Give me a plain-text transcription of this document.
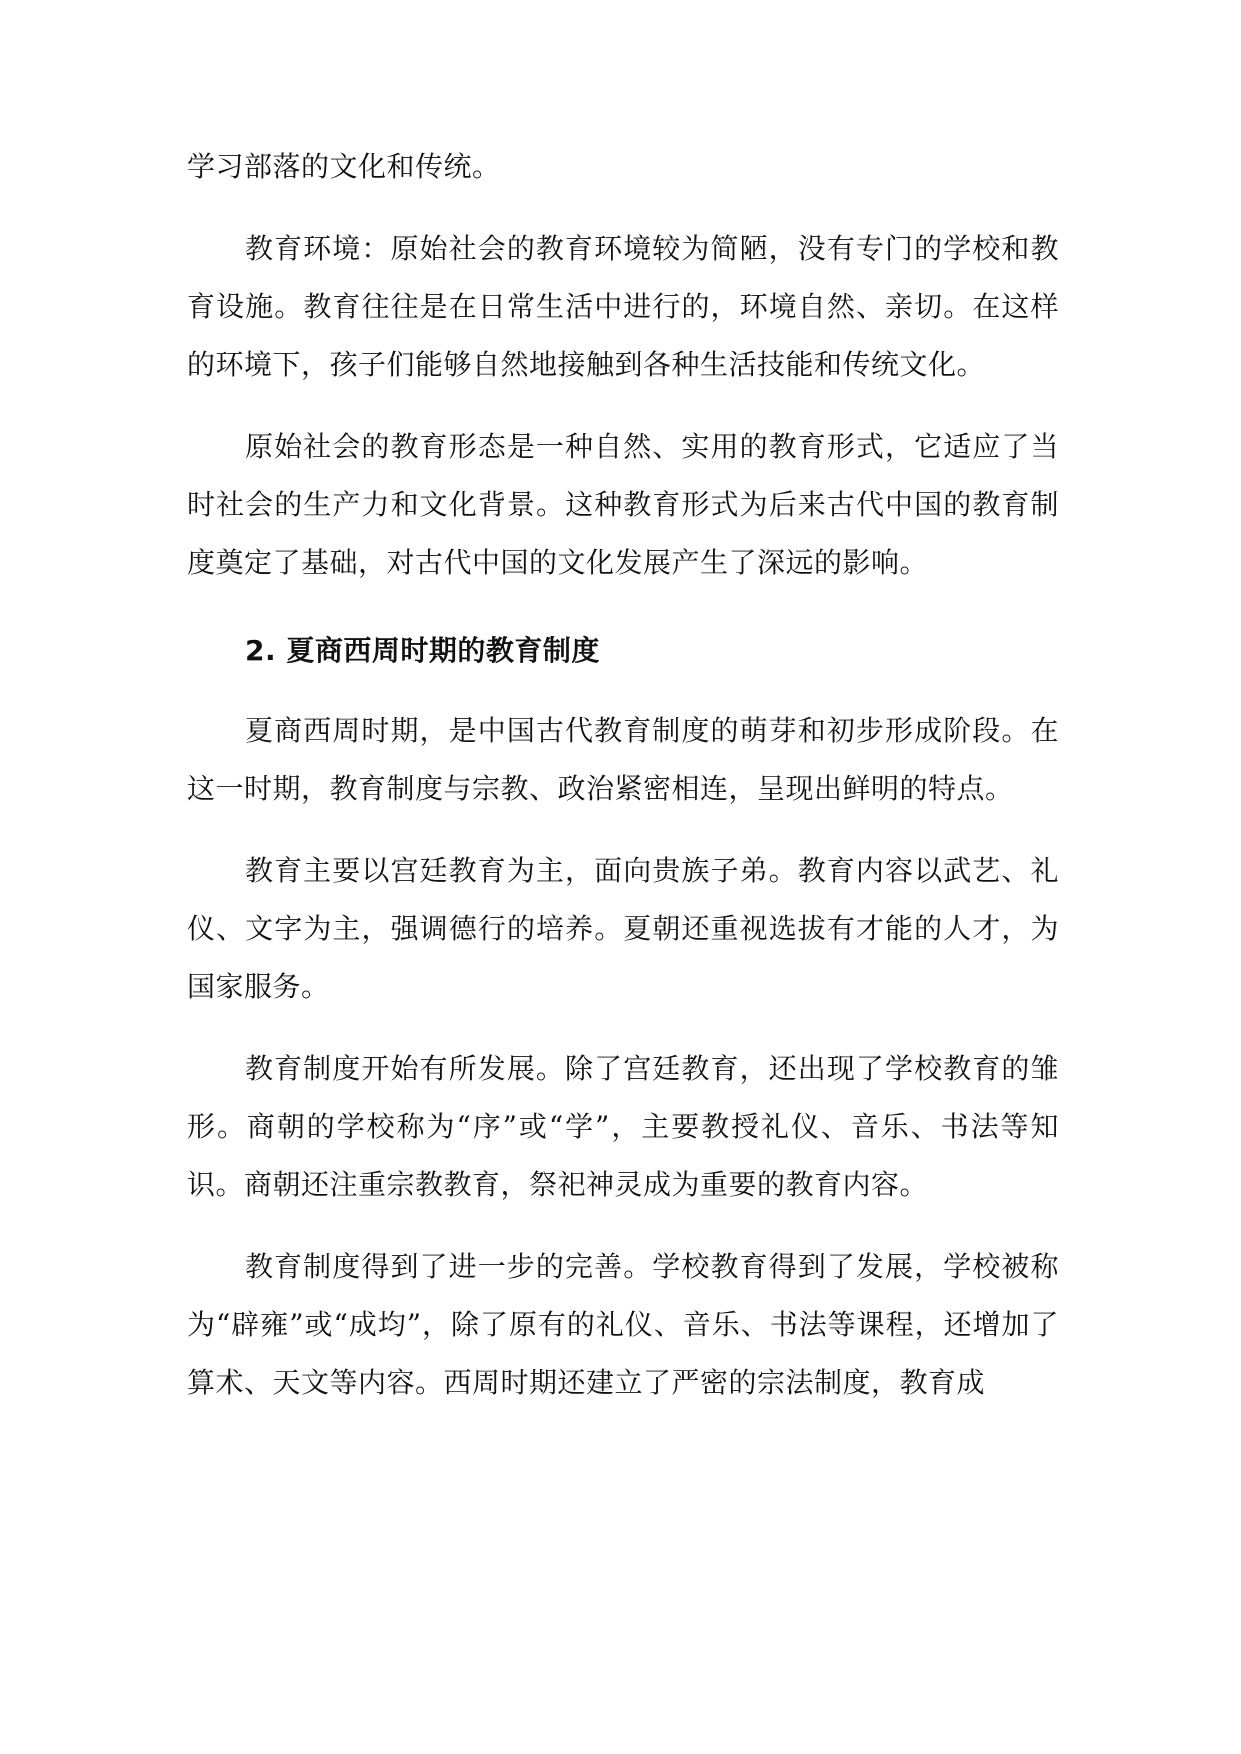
学习部落的文化和传统。

教育环境：原始社会的教育环境较为简陋，没有专门的学校和教育设施。教育往往是在日常生活中进行的，环境自然、亲切。在这样的环境下，孩子们能够自然地接触到各种生活技能和传统文化。

原始社会的教育形态是一种自然、实用的教育形式，它适应了当时社会的生产力和文化背景。这种教育形式为后来古代中国的教育制度奠定了基础，对古代中国的文化发展产生了深远的影响。

2. 夏商西周时期的教育制度

夏商西周时期，是中国古代教育制度的萌芽和初步形成阶段。在这一时期，教育制度与宗教、政治紧密相连，呈现出鲜明的特点。

教育主要以宫廷教育为主，面向贵族子弟。教育内容以武艺、礼仪、文字为主，强调德行的培养。夏朝还重视选拔有才能的人才，为国家服务。

教育制度开始有所发展。除了宫廷教育，还出现了学校教育的雏形。商朝的学校称为“序”或“学”，主要教授礼仪、音乐、书法等知识。商朝还注重宗教教育，祭祀神灵成为重要的教育内容。

教育制度得到了进一步的完善。学校教育得到了发展，学校被称为“辟雍”或“成均”，除了原有的礼仪、音乐、书法等课程，还增加了算术、天文等内容。西周时期还建立了严密的宗法制度，教育成
